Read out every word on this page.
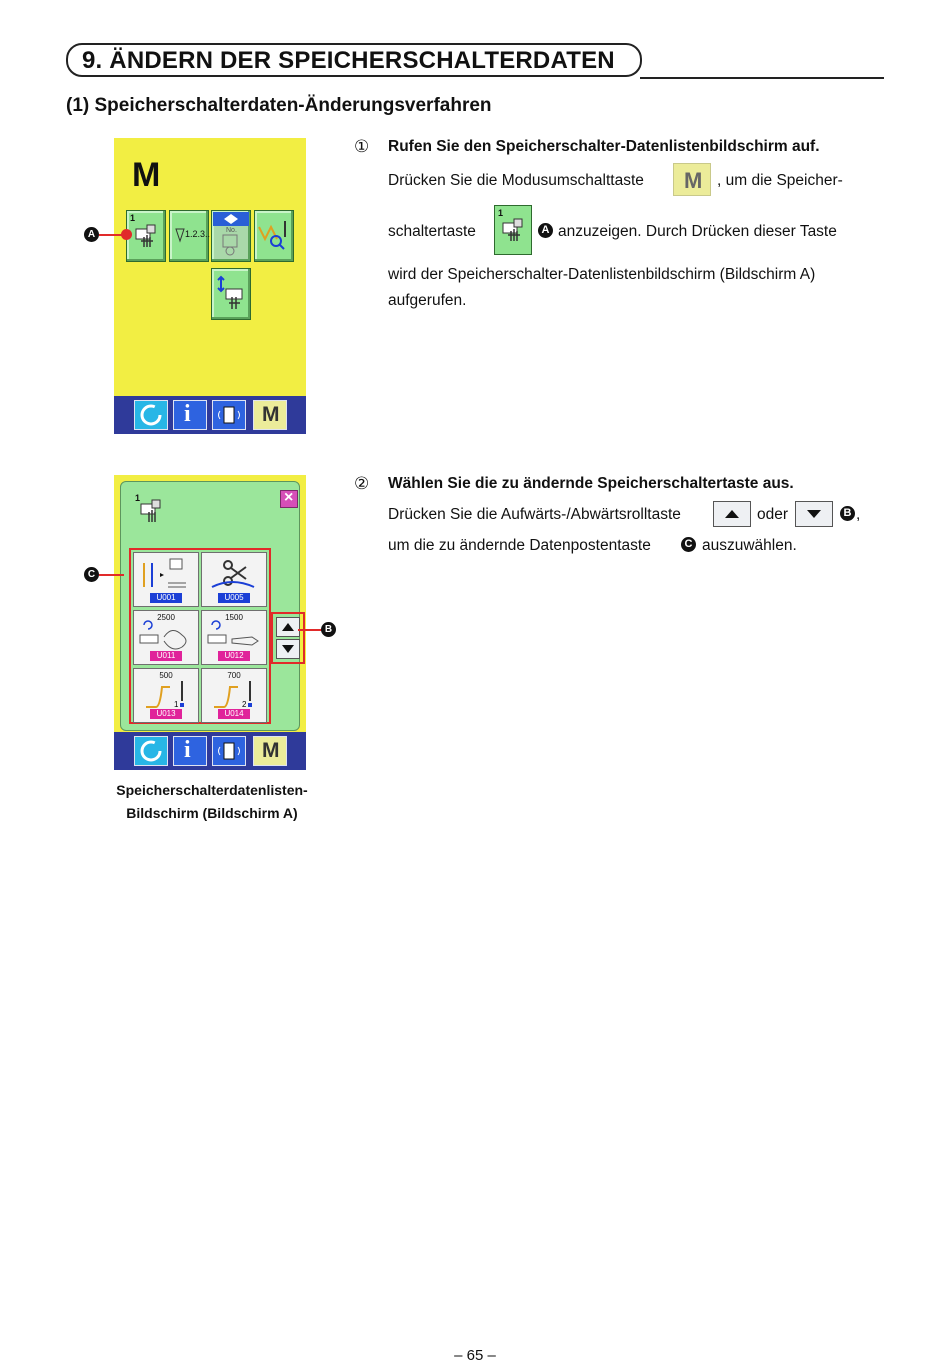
9. ÄNDERN DER SPEICHERSCHALTERDATEN
(1) Speicherschalterdaten-Änderungsverfahren
M
1
1.2.3.. No.
i	M
A
① Rufen Sie den Speicherschalter-Datenlistenbildschirm auf.
Drücken Sie die Modusumschalttaste M , um die Speicher-
schaltertaste
1
A anzuzeigen. Durch Drücken dieser Taste
wird der Speicherschalter-Datenlistenbildschirm (Bildschirm A)
aufgerufen.
1	×
U001	U005
2500
U011
1500
U012
500
1
U013
700
2
U014
i	M
C
B
② Wählen Sie die zu ändernde Speicherschaltertaste aus.
Drücken Sie die Aufwärts-/Abwärtsrolltaste	oder	B ,
um die zu ändernde Datenpostentaste	C auszuwählen.
Speicherschalterdatenlisten-
Bildschirm (Bildschirm A)
– 65 –
